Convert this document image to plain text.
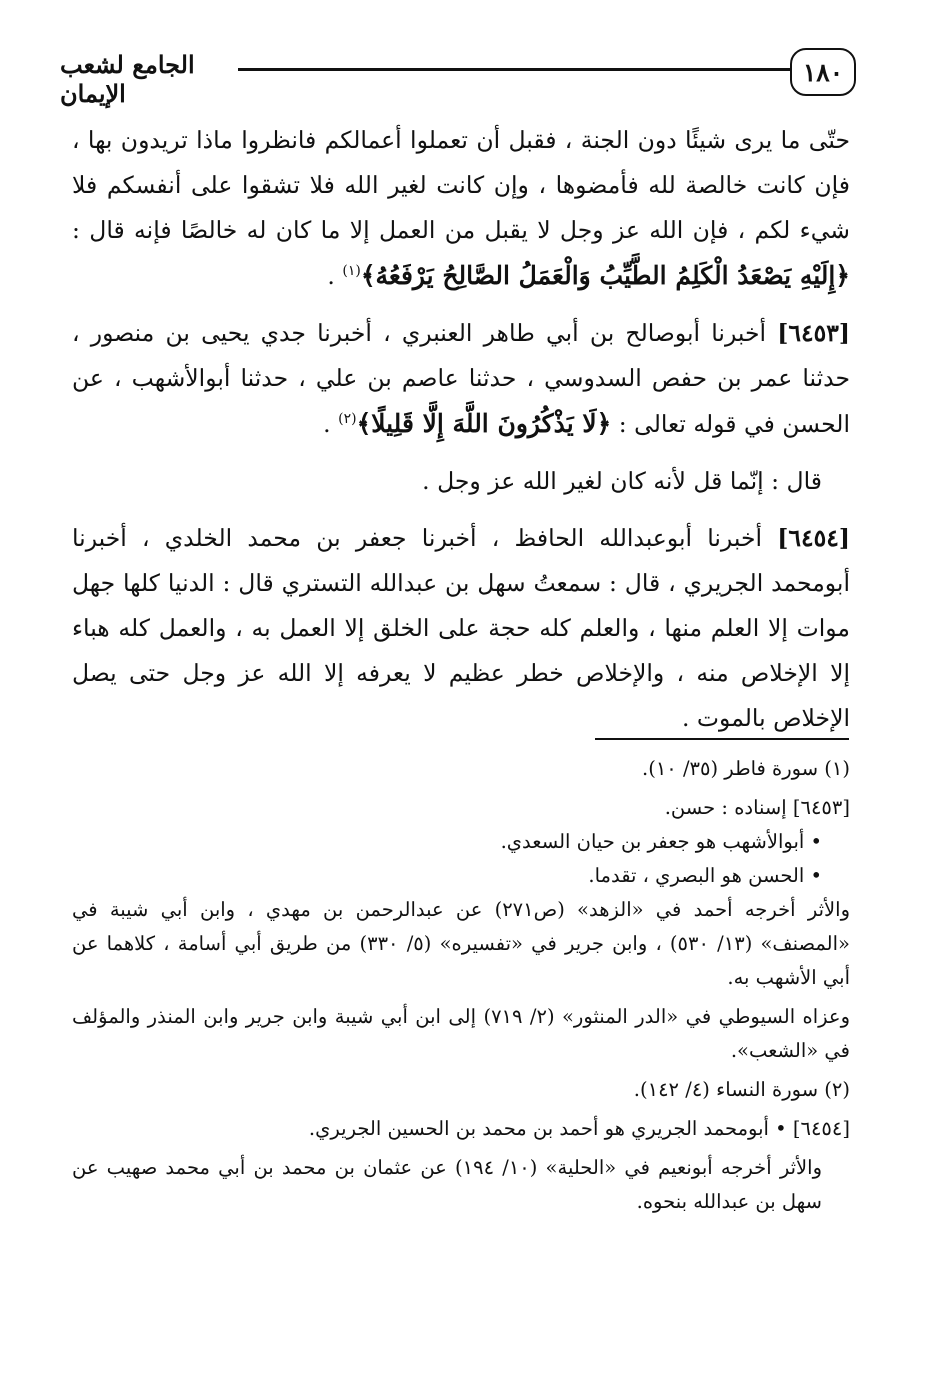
١٨٠
الجامع لشعب الإيمان

حتّى ما يرى شيئًا دون الجنة ، فقبل أن تعملوا أعمالكم فانظروا ماذا تريدون بها ، فإن كانت خالصة لله فأمضوها ، وإن كانت لغير الله فلا تشقوا على أنفسكم فلا شيء لكم ، فإن الله عز وجل لا يقبل من العمل إلا ما كان له خالصًا فإنه قال : ﴿إِلَيْهِ يَصْعَدُ الْكَلِمُ الطَّيِّبُ وَالْعَمَلُ الصَّالِحُ يَرْفَعُهُ﴾$^{(١)}$ .

[٦٤٥٣] أخبرنا أبوصالح بن أبي طاهر العنبري ، أخبرنا جدي يحيى بن منصور ، حدثنا عمر بن حفص السدوسي ، حدثنا عاصم بن علي ، حدثنا أبوالأشهب ، عن الحسن في قوله تعالى : ﴿لَا يَذْكُرُونَ اللَّهَ إِلَّا قَلِيلًا﴾$^{(٢)}$ .

قال : إنّما قل لأنه كان لغير الله عز وجل .

[٦٤٥٤] أخبرنا أبوعبدالله الحافظ ، أخبرنا جعفر بن محمد الخلدي ، أخبرنا أبومحمد الجريري ، قال : سمعتُ سهل بن عبدالله التستري قال : الدنيا كلها جهل موات إلا العلم منها ، والعلم كله حجة على الخلق إلا العمل به ، والعمل كله هباء إلا الإخلاص منه ، والإخلاص خطر عظيم لا يعرفه إلا الله عز وجل حتى يصل الإخلاص بالموت .

(١) سورة فاطر (٣٥/ ١٠).

[٦٤٥٣] إسناده : حسن.

• أبوالأشهب هو جعفر بن حيان السعدي.

• الحسن هو البصري ، تقدما.

والأثر أخرجه أحمد في «الزهد» (ص٢٧١) عن عبدالرحمن بن مهدي ، وابن أبي شيبة في «المصنف» (١٣/ ٥٣٠) ، وابن جرير في «تفسيره» (٥/ ٣٣٠) من طريق أبي أسامة ، كلاهما عن أبي الأشهب به.

وعزاه السيوطي في «الدر المنثور» (٢/ ٧١٩) إلى ابن أبي شيبة وابن جرير وابن المنذر والمؤلف في «الشعب».

(٢) سورة النساء (٤/ ١٤٢).

[٦٤٥٤] • أبومحمد الجريري هو أحمد بن محمد بن الحسين الجريري.

والأثر أخرجه أبونعيم في «الحلية» (١٠/ ١٩٤) عن عثمان بن محمد بن أبي محمد صهيب عن سهل بن عبدالله بنحوه.
